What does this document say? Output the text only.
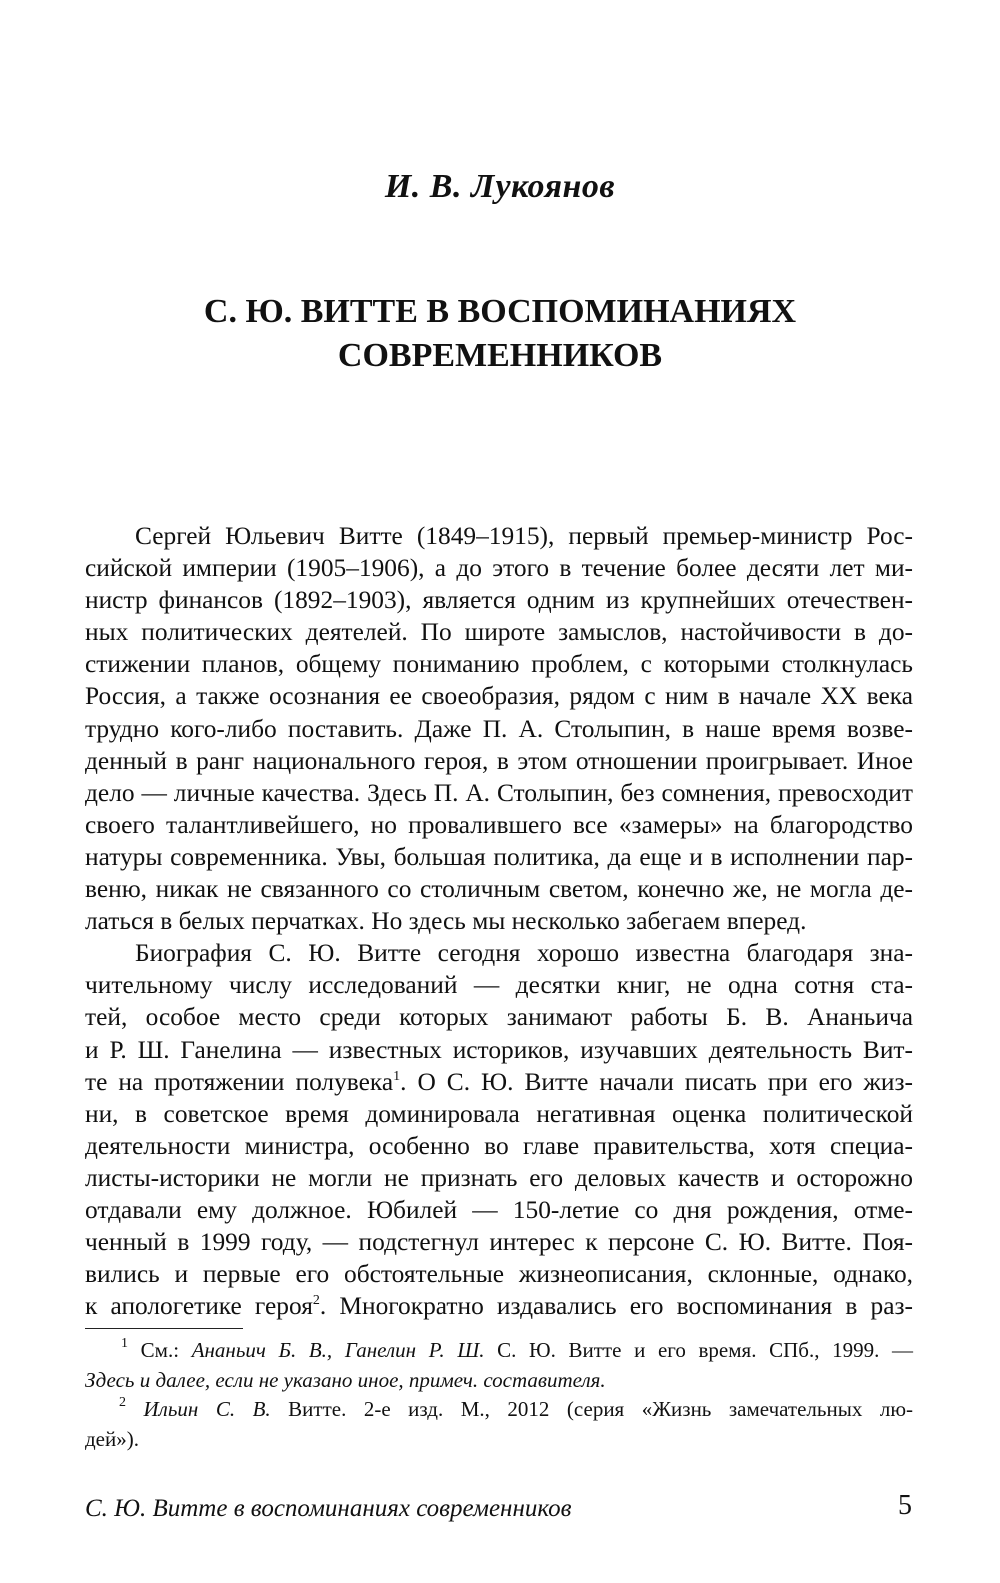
И. В. Лукоянов
С. Ю. ВИТТЕ В ВОСПОМИНАНИЯХ
СОВРЕМЕННИКОВ
Сергей Юльевич Витте (1849–1915), первый премьер-министр Рос-
сийской империи (1905–1906), а до этого в течение более десяти лет ми-
нистр финансов (1892–1903), является одним из крупнейших отечествен-
ных политических деятелей. По широте замыслов, настойчивости в до-
стижении планов, общему пониманию проблем, с которыми столкнулась
Россия, а также осознания ее своеобразия, рядом с ним в начале XX века
трудно кого-либо поставить. Даже П. А. Столыпин, в наше время возве-
денный в ранг национального героя, в этом отношении проигрывает. Иное
дело — личные качества. Здесь П. А. Столыпин, без сомнения, превосходит
своего талантливейшего, но провалившего все «замеры» на благородство
натуры современника. Увы, большая политика, да еще и в исполнении пар-
веню, никак не связанного со столичным светом, конечно же, не могла де-
латься в белых перчатках. Но здесь мы несколько забегаем вперед.
Биография С. Ю. Витте сегодня хорошо известна благодаря зна-
чительному числу исследований — десятки книг, не одна сотня ста-
тей, особое место среди которых занимают работы Б. В. Ананьича
и Р. Ш. Ганелина — известных историков, изучавших деятельность Вит-
те на протяжении полувека$^1$. О С. Ю. Витте начали писать при его жиз-
ни, в советское время доминировала негативная оценка политической
деятельности министра, особенно во главе правительства, хотя специа-
листы-историки не могли не признать его деловых качеств и осторожно
отдавали ему должное. Юбилей — 150-летие со дня рождения, отме-
ченный в 1999 году, — подстегнул интерес к персоне С. Ю. Витте. Поя-
вились и первые его обстоятельные жизнеописания, склонные, однако,
к апологетике героя$^2$. Многократно издавались его воспоминания в раз-
$^1$ См.: Ананьич Б. В., Ганелин Р. Ш. С. Ю. Витте и его время. СПб., 1999. —
Здесь и далее, если не указано иное, примеч. составителя.
$^2$ Ильин С. В. Витте. 2-е изд. М., 2012 (серия «Жизнь замечательных лю-
дей»).
С. Ю. Витте в воспоминаниях современников	5
